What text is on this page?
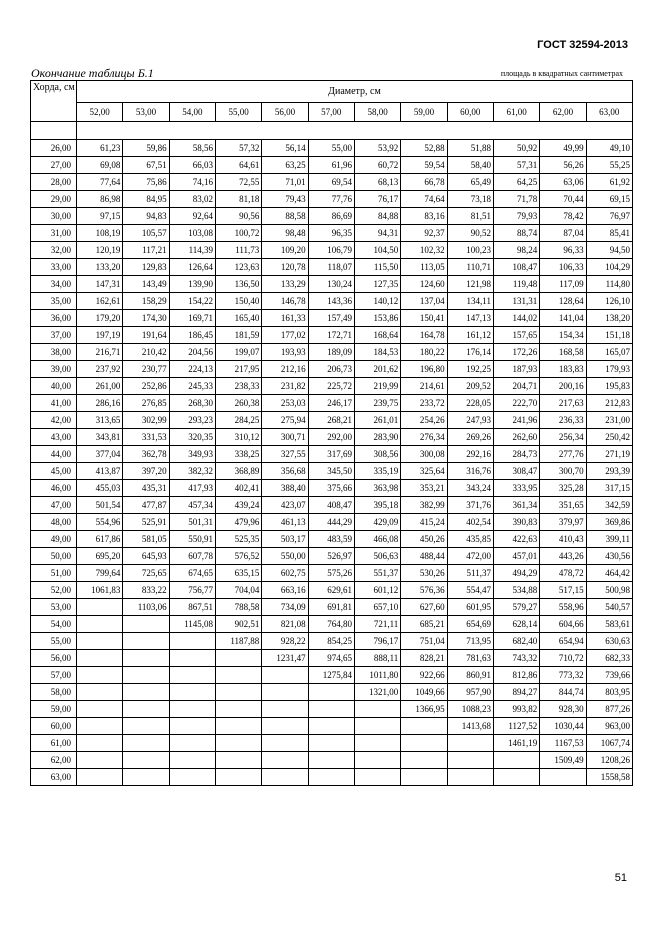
ГОСТ 32594-2013
Окончание таблицы Б.1	площадь в квадратных сантиметрах
Хорда, см	Диаметр, см											
	52,00	53,00	54,00	55,00	56,00	57,00	58,00	59,00	60,00	61,00	62,00	63,00

26,00	61,23	59,86	58,56	57,32	56,14	55,00	53,92	52,88	51,88	50,92	49,99	49,10
27,00	69,08	67,51	66,03	64,61	63,25	61,96	60,72	59,54	58,40	57,31	56,26	55,25
28,00	77,64	75,86	74,16	72,55	71,01	69,54	68,13	66,78	65,49	64,25	63,06	61,92
29,00	86,98	84,95	83,02	81,18	79,43	77,76	76,17	74,64	73,18	71,78	70,44	69,15
30,00	97,15	94,83	92,64	90,56	88,58	86,69	84,88	83,16	81,51	79,93	78,42	76,97
31,00	108,19	105,57	103,08	100,72	98,48	96,35	94,31	92,37	90,52	88,74	87,04	85,41
32,00	120,19	117,21	114,39	111,73	109,20	106,79	104,50	102,32	100,23	98,24	96,33	94,50
33,00	133,20	129,83	126,64	123,63	120,78	118,07	115,50	113,05	110,71	108,47	106,33	104,29
34,00	147,31	143,49	139,90	136,50	133,29	130,24	127,35	124,60	121,98	119,48	117,09	114,80
35,00	162,61	158,29	154,22	150,40	146,78	143,36	140,12	137,04	134,11	131,31	128,64	126,10
36,00	179,20	174,30	169,71	165,40	161,33	157,49	153,86	150,41	147,13	144,02	141,04	138,20
37,00	197,19	191,64	186,45	181,59	177,02	172,71	168,64	164,78	161,12	157,65	154,34	151,18
38,00	216,71	210,42	204,56	199,07	193,93	189,09	184,53	180,22	176,14	172,26	168,58	165,07
39,00	237,92	230,77	224,13	217,95	212,16	206,73	201,62	196,80	192,25	187,93	183,83	179,93
40,00	261,00	252,86	245,33	238,33	231,82	225,72	219,99	214,61	209,52	204,71	200,16	195,83
41,00	286,16	276,85	268,30	260,38	253,03	246,17	239,75	233,72	228,05	222,70	217,63	212,83
42,00	313,65	302,99	293,23	284,25	275,94	268,21	261,01	254,26	247,93	241,96	236,33	231,00
43,00	343,81	331,53	320,35	310,12	300,71	292,00	283,90	276,34	269,26	262,60	256,34	250,42
44,00	377,04	362,78	349,93	338,25	327,55	317,69	308,56	300,08	292,16	284,73	277,76	271,19
45,00	413,87	397,20	382,32	368,89	356,68	345,50	335,19	325,64	316,76	308,47	300,70	293,39
46,00	455,03	435,31	417,93	402,41	388,40	375,66	363,98	353,21	343,24	333,95	325,28	317,15
47,00	501,54	477,87	457,34	439,24	423,07	408,47	395,18	382,99	371,76	361,34	351,65	342,59
48,00	554,96	525,91	501,31	479,96	461,13	444,29	429,09	415,24	402,54	390,83	379,97	369,86
49,00	617,86	581,05	550,91	525,35	503,17	483,59	466,08	450,26	435,85	422,63	410,43	399,11
50,00	695,20	645,93	607,78	576,52	550,00	526,97	506,63	488,44	472,00	457,01	443,26	430,56
51,00	799,64	725,65	674,65	635,15	602,75	575,26	551,37	530,26	511,37	494,29	478,72	464,42
52,00	1061,83	833,22	756,77	704,04	663,16	629,61	601,12	576,36	554,47	534,88	517,15	500,98
53,00		1103,06	867,51	788,58	734,09	691,81	657,10	627,60	601,95	579,27	558,96	540,57
54,00			1145,08	902,51	821,08	764,80	721,11	685,21	654,69	628,14	604,66	583,61
55,00				1187,88	928,22	854,25	796,17	751,04	713,95	682,40	654,94	630,63
56,00					1231,47	974,65	888,11	828,21	781,63	743,32	710,72	682,33
57,00						1275,84	1011,80	922,66	860,91	812,86	773,32	739,66
58,00							1321,00	1049,66	957,90	894,27	844,74	803,95
59,00								1366,95	1088,23	993,82	928,30	877,26
60,00									1413,68	1127,52	1030,44	963,00
61,00										1461,19	1167,53	1067,74
62,00											1509,49	1208,26
63,00												1558,58
51
